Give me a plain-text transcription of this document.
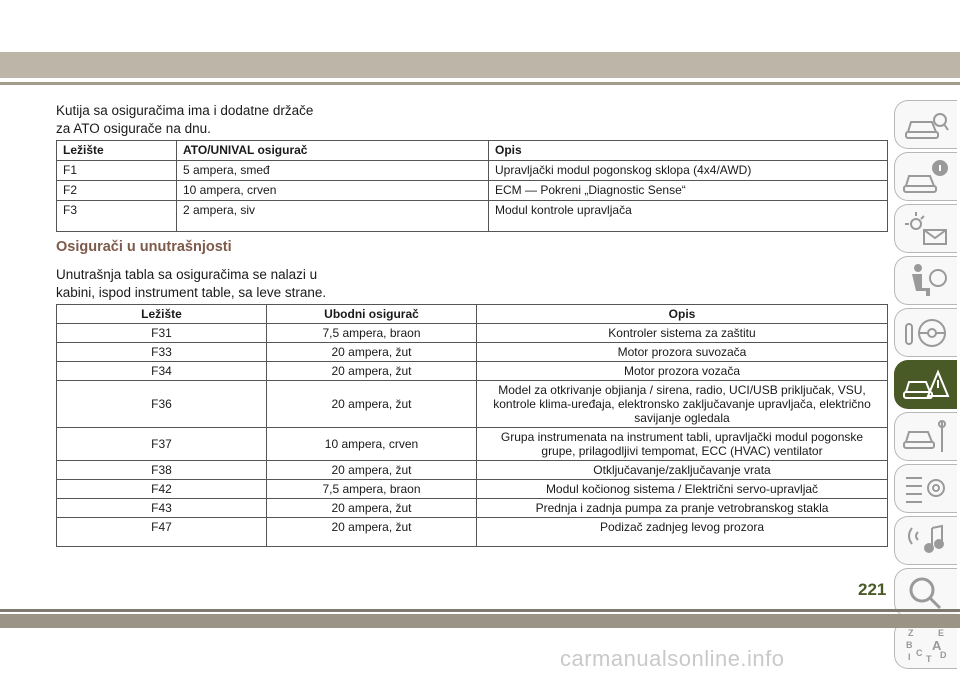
Kutija sa osiguračima ima i dodatne držače
za ATO osigurače na dnu.
Ležište	ATO/UNIVAL osigurač	Opis
F1	5 ampera, smeđ	Upravljački modul pogonskog sklopa (4x4/AWD)
F2	10 ampera, crven	ECM — Pokreni „Diagnostic Sense“
F3	2 ampera, siv	Modul kontrole upravljača
Osigurači u unutrašnjosti
Unutrašnja tabla sa osiguračima se nalazi u
kabini, ispod instrument table, sa leve strane.
Ležište	Ubodni osigurač	Opis
F31	7,5 ampera, braon	Kontroler sistema za zaštitu
F33	20 ampera, žut	Motor prozora suvozača
F34	20 ampera, žut	Motor prozora vozača
F36	20 ampera, žut	Model za otkrivanje objianja / sirena, radio, UCI/USB priključak, VSU, kontrole klima-uređaja, elektronsko zaključavanje upravljača, električno savijanje ogledala
F37	10 ampera, crven	Grupa instrumenata na instrument tabli, upravljački modul pogonske grupe, prilagodljivi tempomat, ECC (HVAC) ventilator
F38	20 ampera, žut	Otključavanje/zaključavanje vrata
F42	7,5 ampera, braon	Modul kočionog sistema / Električni servo-upravljač
F43	20 ampera, žut	Prednja i zadnja pumpa za pranje vetrobranskog stakla
F47	20 ampera, žut	Podizač zadnjeg levog prozora
Z	E
B A
C D
I T
221
carmanualsonline.info
